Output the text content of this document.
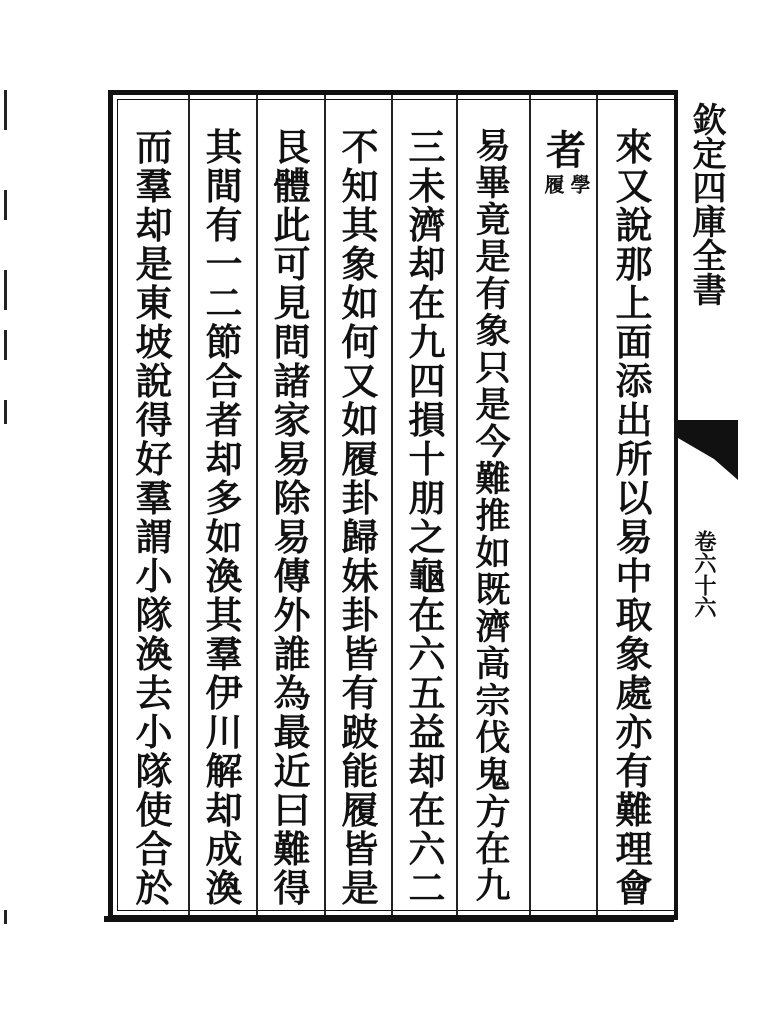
來
又
說
那
上
面
添
出
所
以
易
中
取
象
處
亦
有
難
理
會
者
履 學
易
畢
竟
是
有
象
只
是
今
難
推
如
既
濟
高
宗
伐
鬼
方
在
九
三
未
濟
却
在
九
四
損
十
朋
之
龜
在
六
五
益
却
在
六
二
不
知
其
象
如
何
又
如
履
卦
歸
妹
卦
皆
有
跛
能
履
皆
是
艮
體
此
可
見
問
諸
家
易
除
易
傳
外
誰
為
最
近
曰
難
得
其
間
有
一
二
節
合
者
却
多
如
渙
其
羣
伊
川
解
却
成
渙
而
羣
却
是
東
坡
說
得
好
羣
謂
小
隊
渙
去
小
隊
使
合
於
欽定四庫全書
卷六十六
